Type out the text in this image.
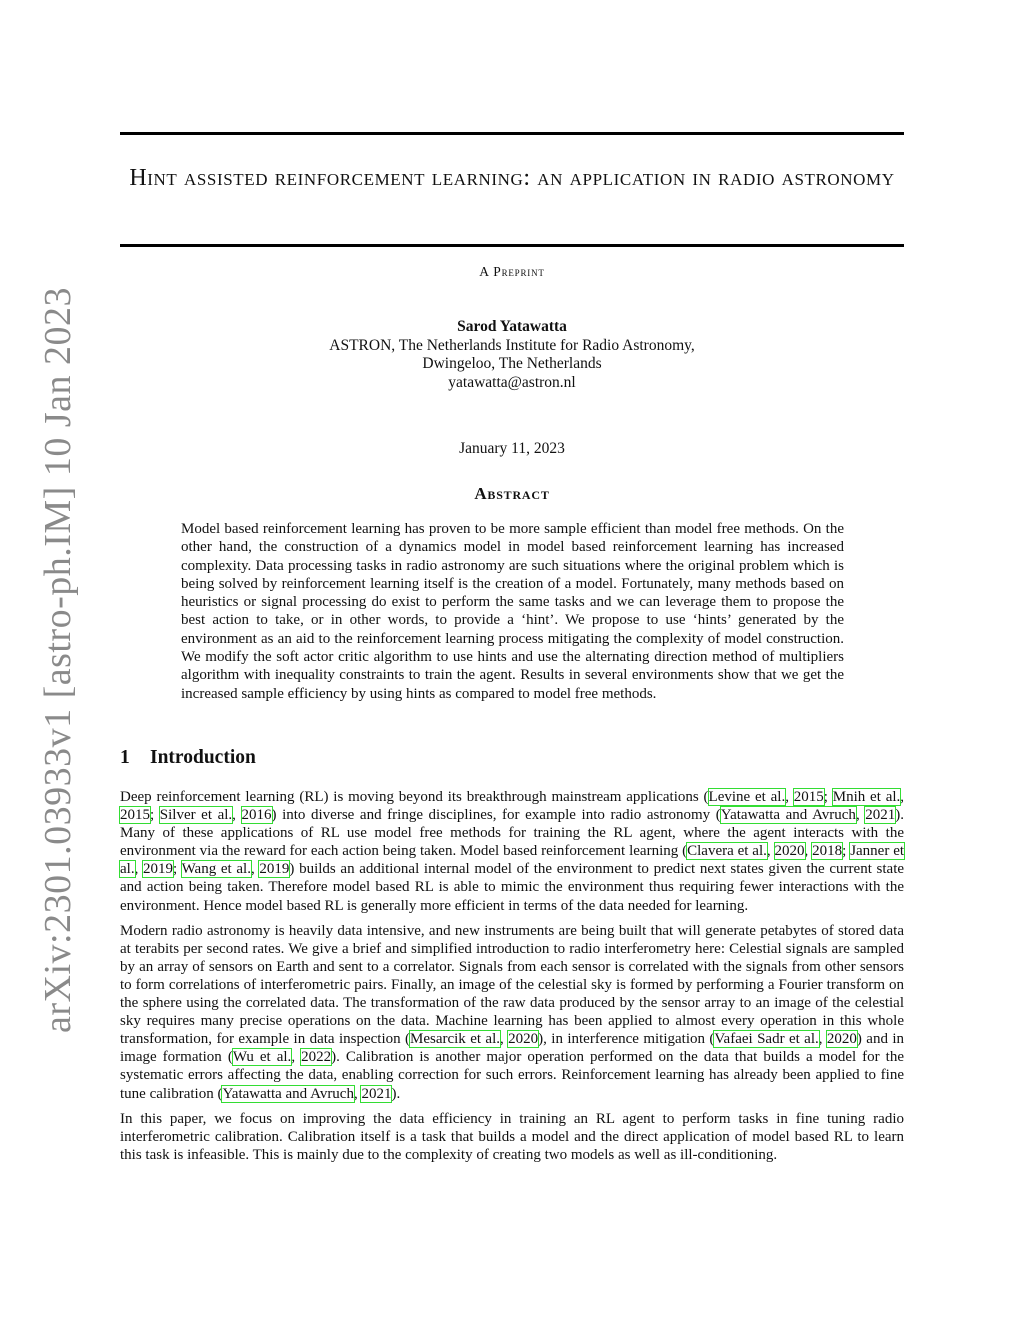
arXiv:2301.03933v1 [astro-ph.IM] 10 Jan 2023
Hint assisted reinforcement learning: an application in radio astronomy
A Preprint
Sarod Yatawatta
ASTRON, The Netherlands Institute for Radio Astronomy,
Dwingeloo, The Netherlands
yatawatta@astron.nl
January 11, 2023
Abstract

Model based reinforcement learning has proven to be more sample efficient than model free methods. On the other hand, the construction of a dynamics model in model based reinforcement learning has increased complexity. Data processing tasks in radio astronomy are such situations where the original problem which is being solved by reinforcement learning itself is the creation of a model. Fortunately, many methods based on heuristics or signal processing do exist to perform the same tasks and we can leverage them to propose the best action to take, or in other words, to provide a ‘hint’. We propose to use ‘hints’ generated by the environment as an aid to the reinforcement learning process mitigating the complexity of model construction. We modify the soft actor critic algorithm to use hints and use the alternating direction method of multipliers algorithm with inequality constraints to train the agent. Results in several environments show that we get the increased sample efficiency by using hints as compared to model free methods.

1 Introduction

Deep reinforcement learning (RL) is moving beyond its breakthrough mainstream applications (Levine et al., 2015; Mnih et al., 2015; Silver et al., 2016) into diverse and fringe disciplines, for example into radio astronomy (Yatawatta and Avruch, 2021). Many of these applications of RL use model free methods for training the RL agent, where the agent interacts with the environment via the reward for each action being taken. Model based reinforcement learning (Clavera et al., 2020, 2018; Janner et al., 2019; Wang et al., 2019) builds an additional internal model of the environment to predict next states given the current state and action being taken. Therefore model based RL is able to mimic the environment thus requiring fewer interactions with the environment. Hence model based RL is generally more efficient in terms of the data needed for learning.

Modern radio astronomy is heavily data intensive, and new instruments are being built that will generate petabytes of stored data at terabits per second rates. We give a brief and simplified introduction to radio interferometry here: Celestial signals are sampled by an array of sensors on Earth and sent to a correlator. Signals from each sensor is correlated with the signals from other sensors to form correlations of interferometric pairs. Finally, an image of the celestial sky is formed by performing a Fourier transform on the sphere using the correlated data. The transformation of the raw data produced by the sensor array to an image of the celestial sky requires many precise operations on the data. Machine learning has been applied to almost every operation in this whole transformation, for example in data inspection (Mesarcik et al., 2020), in interference mitigation (Vafaei Sadr et al., 2020) and in image formation (Wu et al., 2022). Calibration is another major operation performed on the data that builds a model for the systematic errors affecting the data, enabling correction for such errors. Reinforcement learning has already been applied to fine tune calibration (Yatawatta and Avruch, 2021).

In this paper, we focus on improving the data efficiency in training an RL agent to perform tasks in fine tuning radio interferometric calibration. Calibration itself is a task that builds a model and the direct application of model based RL to learn this task is infeasible. This is mainly due to the complexity of creating two models as well as ill-conditioning.
